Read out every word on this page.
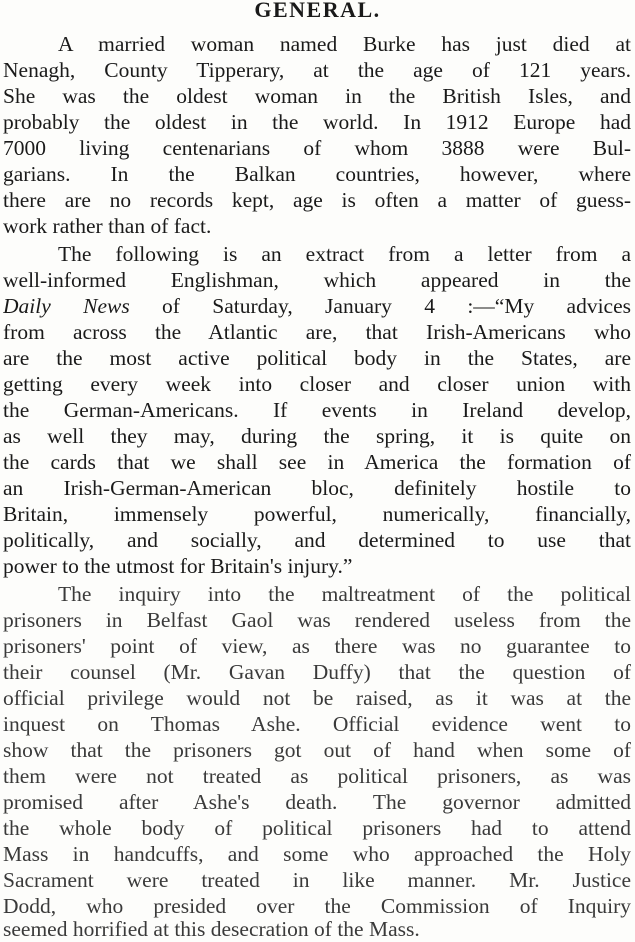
GENERAL.
A married woman named Burke has just died at
Nenagh, County Tipperary, at the age of 121 years.
She was the oldest woman in the British Isles, and
probably the oldest in the world. In 1912 Europe had
7000 living centenarians of whom 3888 were Bul-
garians. In the Balkan countries, however, where
there are no records kept, age is often a matter of guess-
work rather than of fact.
The following is an extract from a letter from a
well-informed Englishman, which appeared in the
Daily News of Saturday, January 4 :—“My advices
from across the Atlantic are, that Irish-Americans who
are the most active political body in the States, are
getting every week into closer and closer union with
the German-Americans. If events in Ireland develop,
as well they may, during the spring, it is quite on
the cards that we shall see in America the formation of
an Irish-German-American bloc, definitely hostile to
Britain, immensely powerful, numerically, financially,
politically, and socially, and determined to use that
power to the utmost for Britain's injury.”
The inquiry into the maltreatment of the political
prisoners in Belfast Gaol was rendered useless from the
prisoners' point of view, as there was no guarantee to
their counsel (Mr. Gavan Duffy) that the question of
official privilege would not be raised, as it was at the
inquest on Thomas Ashe. Official evidence went to
show that the prisoners got out of hand when some of
them were not treated as political prisoners, as was
promised after Ashe's death. The governor admitted
the whole body of political prisoners had to attend
Mass in handcuffs, and some who approached the Holy
Sacrament were treated in like manner. Mr. Justice
Dodd, who presided over the Commission of Inquiry
seemed horrified at this desecration of the Mass.
